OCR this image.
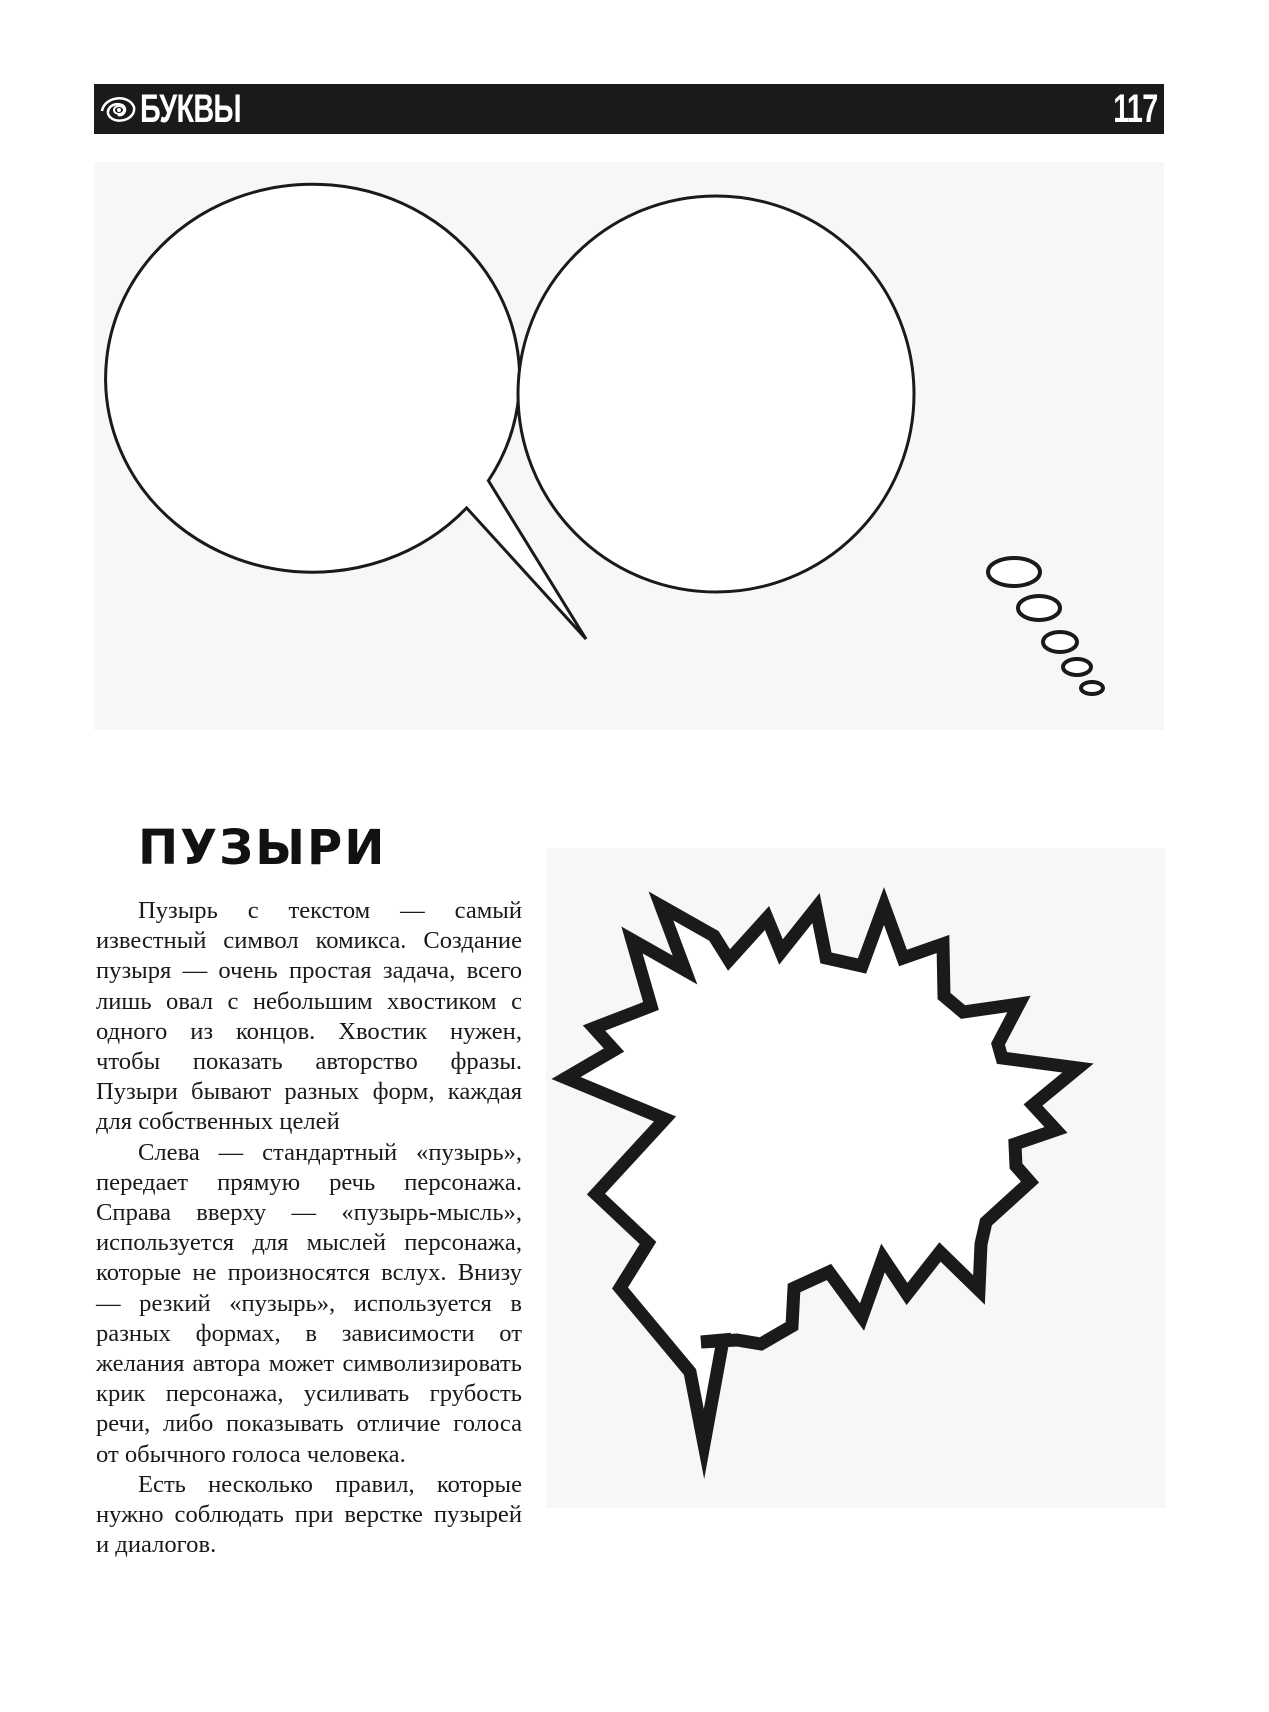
БУКВЫ	117
ПУЗЫРИ

Пузырь с текстом — самый известный символ комикса. Создание пузыря — очень простая задача, всего лишь овал с небольшим хвостиком с одного из концов. Хвостик нужен, чтобы показать авторство фразы. Пузыри бывают разных форм, каждая для собственных целей

Слева — стандартный «пузырь», передает прямую речь персонажа. Справа вверху — «пузырь-мысль», используется для мыслей персонажа, которые не произносятся вслух. Внизу — резкий «пузырь», используется в разных формах, в зависимости от желания автора может символизировать крик персонажа, усиливать грубость речи, либо показывать отличие голоса от обычного голоса человека.

Есть несколько правил, которые нужно соблюдать при верстке пузырей и диалогов.
